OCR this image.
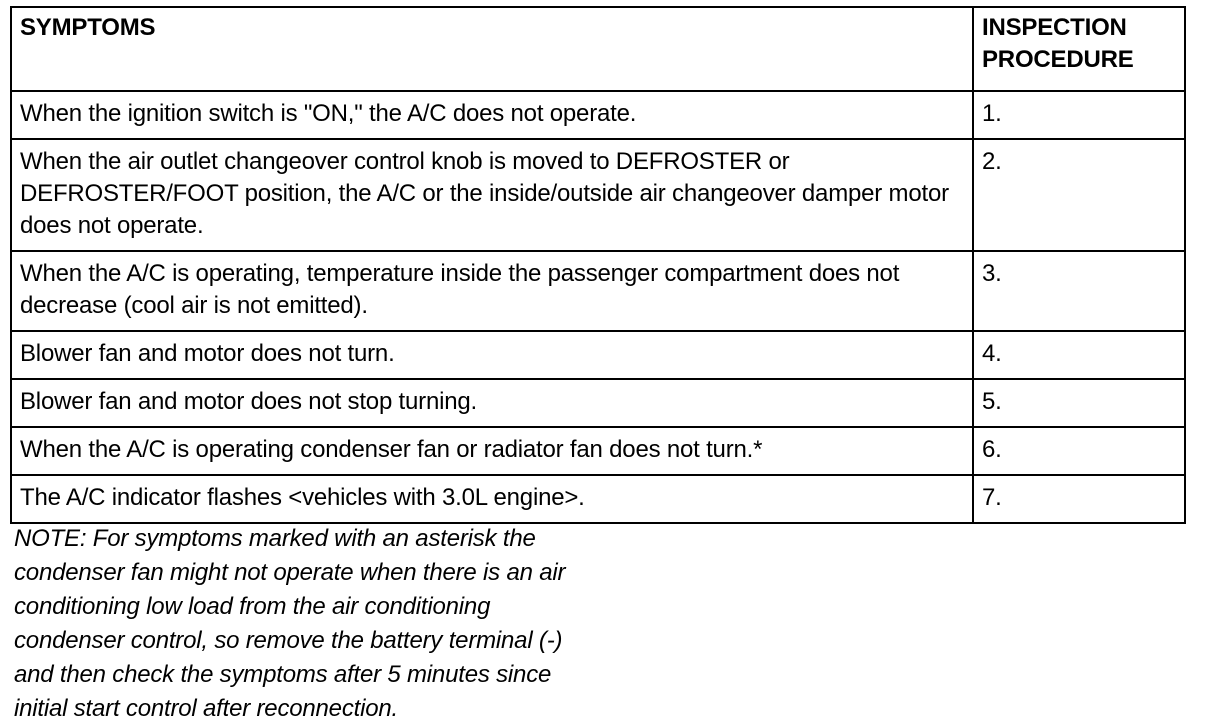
SYMPTOMS	INSPECTION
PROCEDURE
When the ignition switch is "ON," the A/C does not operate.	1.
When the air outlet changeover control knob is moved to DEFROSTER or DEFROSTER/FOOT position, the A/C or the inside/outside air changeover damper motor does not operate.	2.
When the A/C is operating, temperature inside the passenger compartment does not decrease (cool air is not emitted).	3.
Blower fan and motor does not turn.	4.
Blower fan and motor does not stop turning.	5.
When the A/C is operating condenser fan or radiator fan does not turn.*	6.
The A/C indicator flashes <vehicles with 3.0L engine>.	7.
NOTE: For symptoms marked with an asterisk the
condenser fan might not operate when there is an air
conditioning low load from the air conditioning
condenser control, so remove the battery terminal (-)
and then check the symptoms after 5 minutes since
initial start control after reconnection.
